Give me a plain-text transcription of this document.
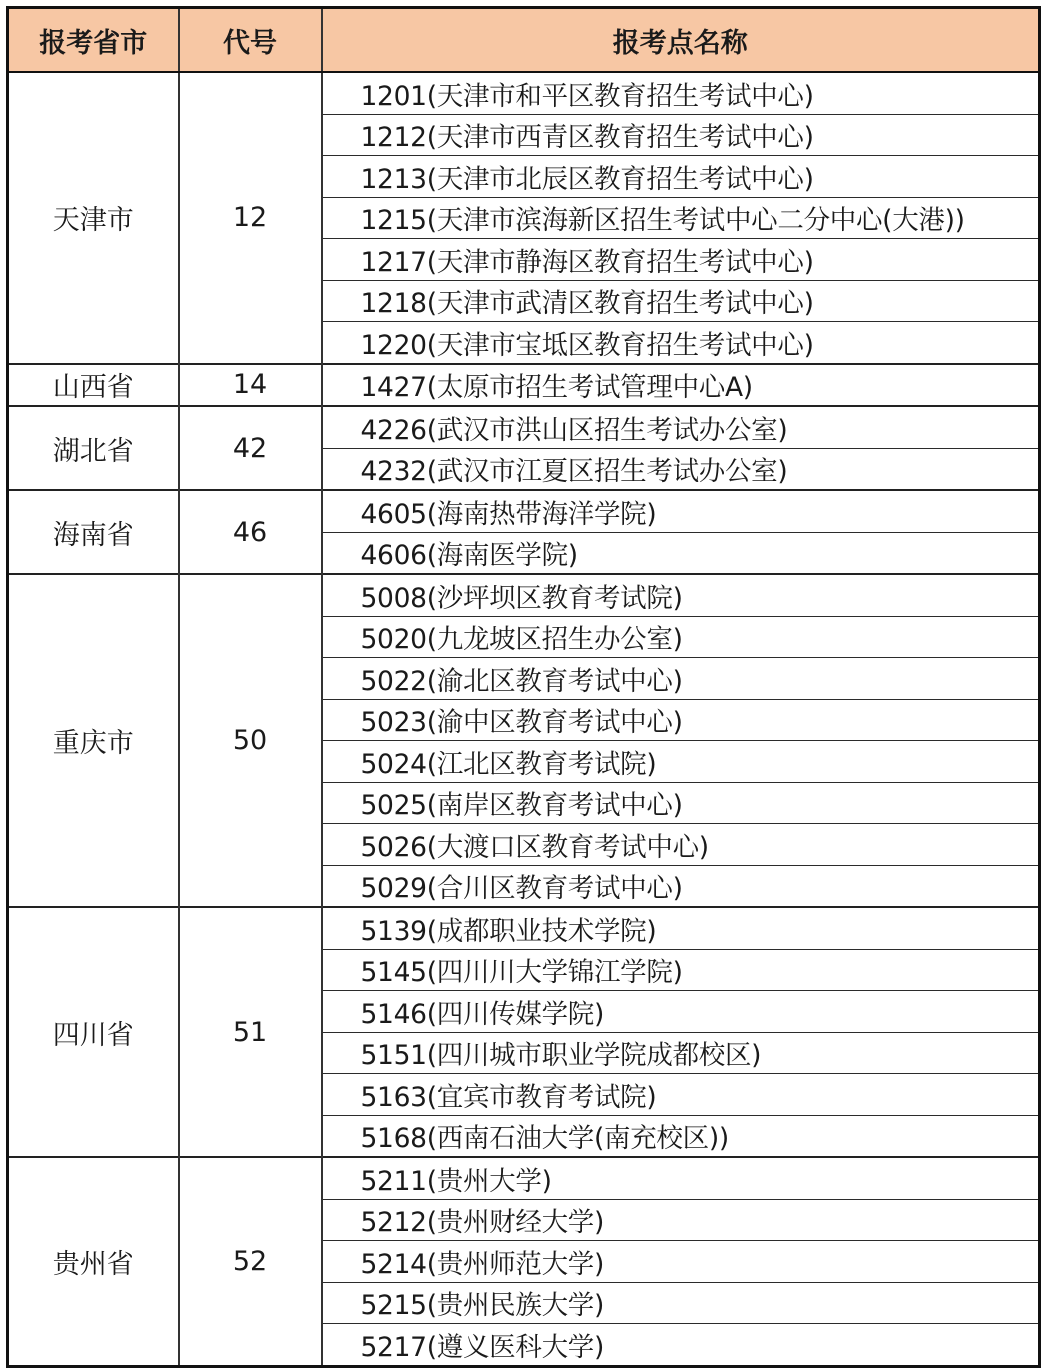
报考省市	代号	报考点名称
天津市	12	1201(天津市和平区教育招生考试中心)
		1212(天津市西青区教育招生考试中心)
		1213(天津市北辰区教育招生考试中心)
		1215(天津市滨海新区招生考试中心二分中心(大港))
		1217(天津市静海区教育招生考试中心)
		1218(天津市武清区教育招生考试中心)
		1220(天津市宝坻区教育招生考试中心)
山西省	14	1427(太原市招生考试管理中心A)
湖北省	42	4226(武汉市洪山区招生考试办公室)
		4232(武汉市江夏区招生考试办公室)
海南省	46	4605(海南热带海洋学院)
		4606(海南医学院)
重庆市	50	5008(沙坪坝区教育考试院)
		5020(九龙坡区招生办公室)
		5022(渝北区教育考试中心)
		5023(渝中区教育考试中心)
		5024(江北区教育考试院)
		5025(南岸区教育考试中心)
		5026(大渡口区教育考试中心)
		5029(合川区教育考试中心)
四川省	51	5139(成都职业技术学院)
		5145(四川川大学锦江学院)
		5146(四川传媒学院)
		5151(四川城市职业学院成都校区)
		5163(宜宾市教育考试院)
		5168(西南石油大学(南充校区))
贵州省	52	5211(贵州大学)
		5212(贵州财经大学)
		5214(贵州师范大学)
		5215(贵州民族大学)
		5217(遵义医科大学)
